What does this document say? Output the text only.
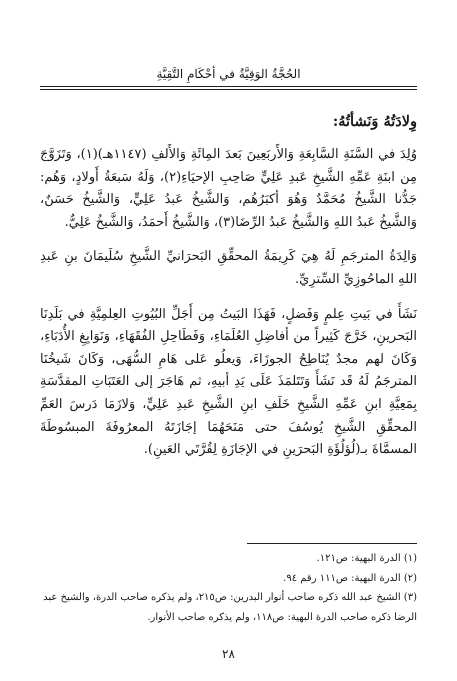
الحُجَّةُ الوَقِيَّةُ في أحْكَامِ التَّقِيَّةِ
وِلادَتُهُ وَنَشأتُهُ:

وُلِدَ في السَّنَةِ السَّابِعَةِ وَالأَربَعِينَ بَعدَ المِائَةِ وَالأَلفِ (١١٤٧هـ)(١)، وَتَزَوَّجَ مِن ابنَةِ عَمِّهِ الشَّيخِ عَبدِ عَلِيٍّ صَاحِبِ الإحيَاءِ(٢)، وَلَهُ سَبعَةُ أَولادٍ، وَهُم: جَدُّنا الشَّيخُ مُحَمَّدٌ وَهُوَ أكبَرُهُم، وَالشَّيخُ عَبدُ عَلِيٍّ، وَالشَّيخُ حَسَنٌ، وَالشَّيخُ عَبدُ اللهِ وَالشَّيخُ عَبدُ الرِّضَا(٣)، وَالشَّيخُ أَحمَدُ، وَالشَّيخُ عَلِيٌّ.

وَالِدَةُ المترجَمِ لَهُ هِيَ كَرِيمَةُ المحقِّقِ البَحرَانيِّ الشَّيخِ سُلَيمَانَ بنِ عَبدِ اللهِ الماحُوزِيِّ السِّترِيِّ.

نَشَأَ في بَيتِ عِلمٍ وَفَضلٍ، فَهَذَا البَيتُ مِن أَجَلِّ البُيُوتِ العِلمِيَّةِ في بَلَدِنَا البَحرينِ، خَرَّجَ كَثِيراً من أفاضِلِ العُلَمَاءِ، وَفَطَاحِلِ الفُقَهَاءِ، وَنَوَابِغِ الأُدَبَاءِ، وَكَانَ لهم مجدٌ يُنَاطِحُ الجوزَاءَ، وَيعلُو عَلى هَامِ السُّهَى، وَكَانَ شَيخُنَا المترجَمُ لَهُ قَد نَشَأَ وَتَتَلمَذَ عَلَى يَدِ أبيهِ، ثم هَاجَرَ إلى العَتَبَاتِ المقدَّسَةِ بِمَعِيَّةِ ابنِ عَمِّهِ الشَّيخِ خَلَفِ ابنِ الشَّيخِ عَبدِ عَلِيٍّ، وَلازَمَا دَرسَ العَمِّ المحقِّقِ الشَّيخِ يُوسُفَ حتى مَنَحَهُمَا إجَازَتَهُ المعرُوفَةَ المبسُوطَةَ المسمَّاةَ بـ(لُؤلُؤَةِ البَحرَينِ في الإجَازَةِ لِقُرَّتَي العَينِ).

(١) الدرة البهية: ص١٢١.

(٢) الدرة البهية: ص١١١ رقم ٩٤.

(٣) الشيخ عبد الله ذكره صاحب أنوار البدرين: ص٢١٥، ولم يذكره صاحب الدرة، والشيخ عبد الرضا ذكره صاحب الدرة البهية: ص١١٨، ولم يذكره صاحب الأنوار.

٢٨
